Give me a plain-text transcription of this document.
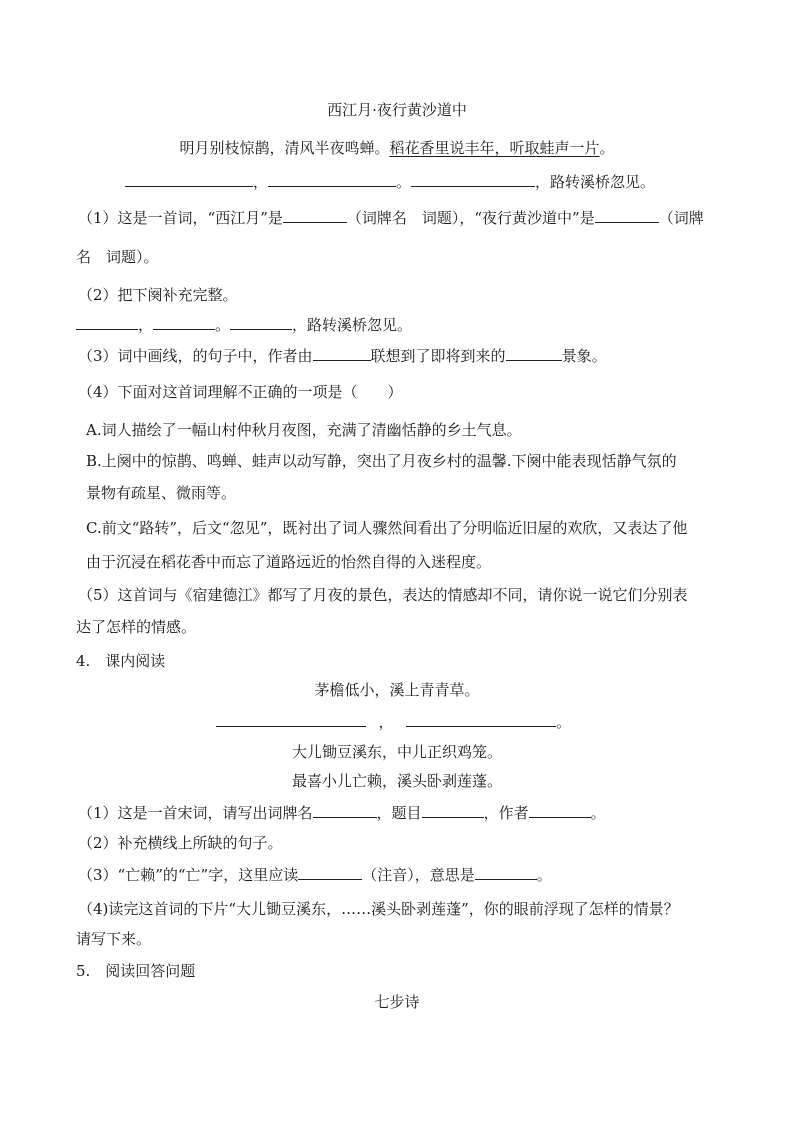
西江月·夜行黄沙道中
明月别枝惊鹊，清风半夜鸣蝉。稻花香里说丰年，听取蛙声一片。
，	。	，路转溪桥忽见。
（1）这是一首词，“西江月”是	（词牌名　词题），“夜行黄沙道中”是	（词牌
名　词题）。
（2）把下阕补充完整。
，	。	，路转溪桥忽见。
（3）词中画线，的句子中，作者由	联想到了即将到来的	景象。
（4）下面对这首词理解不正确的一项是（　　）
A.词人描绘了一幅山村仲秋月夜图，充满了清幽恬静的乡土气息。
B.上阕中的惊鹊、鸣蝉、蛙声以动写静，突出了月夜乡村的温馨.下阕中能表现恬静气氛的
景物有疏星、微雨等。
C.前文“路转”，后文“忽见”，既衬出了词人骤然间看出了分明临近旧屋的欢欣，又表达了他
由于沉浸在稻花香中而忘了道路远近的怡然自得的入迷程度。
（5）这首词与《宿建德江》都写了月夜的景色，表达的情感却不同，请你说一说它们分别表
达了怎样的情感。
4.　课内阅读
茅檐低小，溪上青青草。
，	。
大儿锄豆溪东，中儿正织鸡笼。
最喜小儿亡赖，溪头卧剥莲蓬。
（1）这是一首宋词，请写出词牌名	，题目	，作者	。
（2）补充横线上所缺的句子。
（3）“亡赖”的“亡”字，这里应读	（注音），意思是	。
（4)读完这首词的下片“大儿锄豆溪东，……溪头卧剥莲蓬”，你的眼前浮现了怎样的情景？
请写下来。
5.　阅读回答问题
七步诗
